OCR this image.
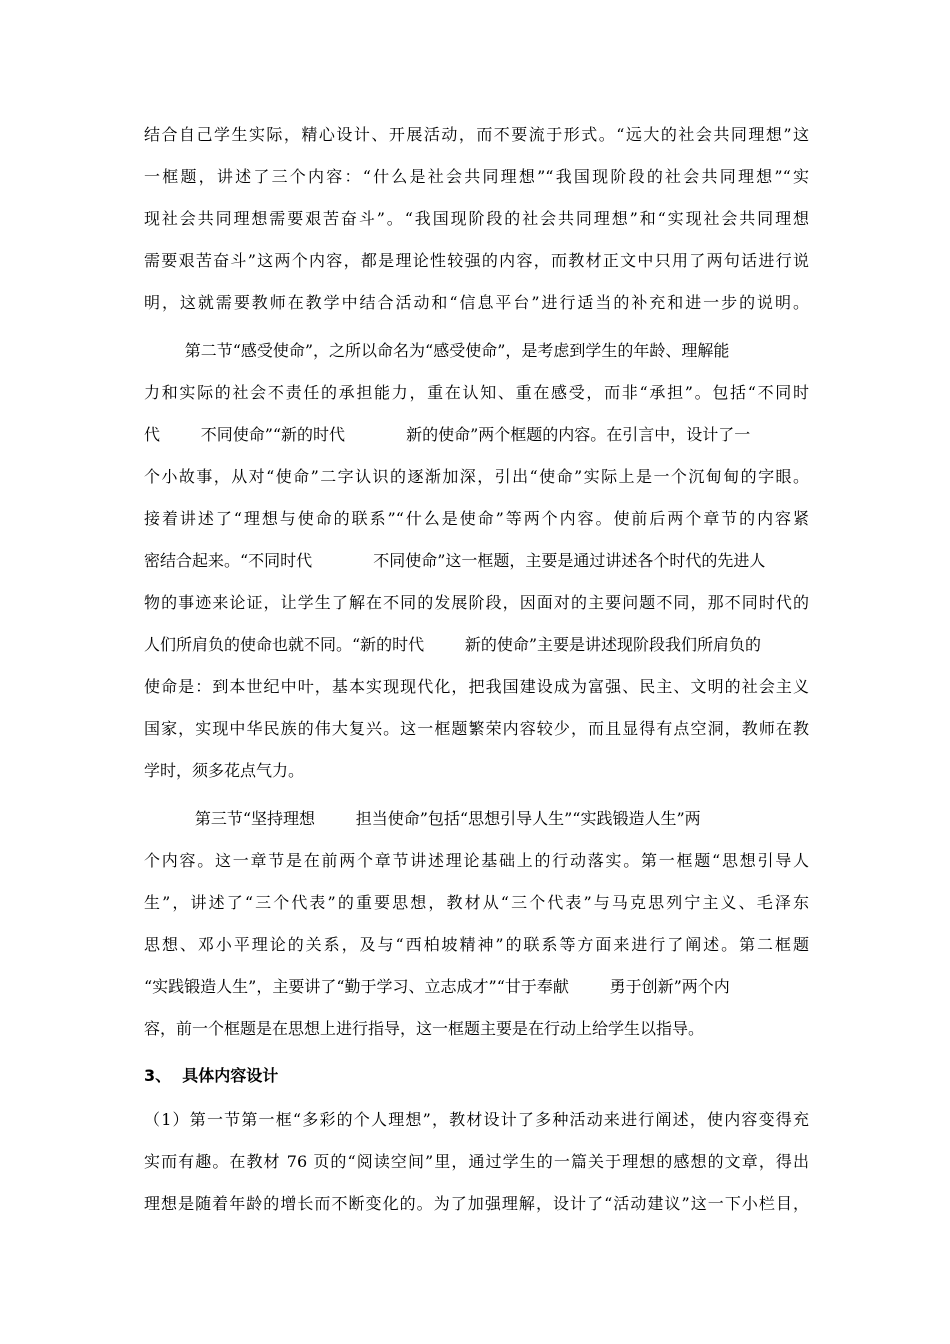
结合自己学生实际，精心设计、开展活动，而不要流于形式。“远大的社会共同理想”这
一框题，讲述了三个内容：“什么是社会共同理想”“我国现阶段的社会共同理想”“实
现社会共同理想需要艰苦奋斗”。“我国现阶段的社会共同理想”和“实现社会共同理想
需要艰苦奋斗”这两个内容，都是理论性较强的内容，而教材正文中只用了两句话进行说
明，这就需要教师在教学中结合活动和“信息平台”进行适当的补充和进一步的说明。
第二节“感受使命”，之所以命名为“感受使命”，是考虑到学生的年龄、理解能
力和实际的社会不责任的承担能力，重在认知、重在感受，而非“承担”。包括“不同时
代        不同使命”“新的时代            新的使命”两个框题的内容。在引言中，设计了一
个小故事，从对“使命”二字认识的逐渐加深，引出“使命”实际上是一个沉甸甸的字眼。
接着讲述了“理想与使命的联系”“什么是使命”等两个内容。使前后两个章节的内容紧
密结合起来。“不同时代            不同使命”这一框题，主要是通过讲述各个时代的先进人
物的事迹来论证，让学生了解在不同的发展阶段，因面对的主要问题不同，那不同时代的
人们所肩负的使命也就不同。“新的时代        新的使命”主要是讲述现阶段我们所肩负的
使命是：到本世纪中叶，基本实现现代化，把我国建设成为富强、民主、文明的社会主义
国家，实现中华民族的伟大复兴。这一框题繁荣内容较少，而且显得有点空洞，教师在教
学时，须多花点气力。
第三节“坚持理想        担当使命”包括“思想引导人生”“实践锻造人生”两
个内容。这一章节是在前两个章节讲述理论基础上的行动落实。第一框题“思想引导人
生”，讲述了“三个代表”的重要思想，教材从“三个代表”与马克思列宁主义、毛泽东
思想、邓小平理论的关系，及与“西柏坡精神”的联系等方面来进行了阐述。第二框题
“实践锻造人生”，主要讲了“勤于学习、立志成才”“甘于奉献        勇于创新”两个内
容，前一个框题是在思想上进行指导，这一框题主要是在行动上给学生以指导。
3、  具体内容设计
（1）第一节第一框“多彩的个人理想”，教材设计了多种活动来进行阐述，使内容变得充
实而有趣。在教材 76 页的“阅读空间”里，通过学生的一篇关于理想的感想的文章，得出
理想是随着年龄的增长而不断变化的。为了加强理解，设计了“活动建议”这一下小栏目，
